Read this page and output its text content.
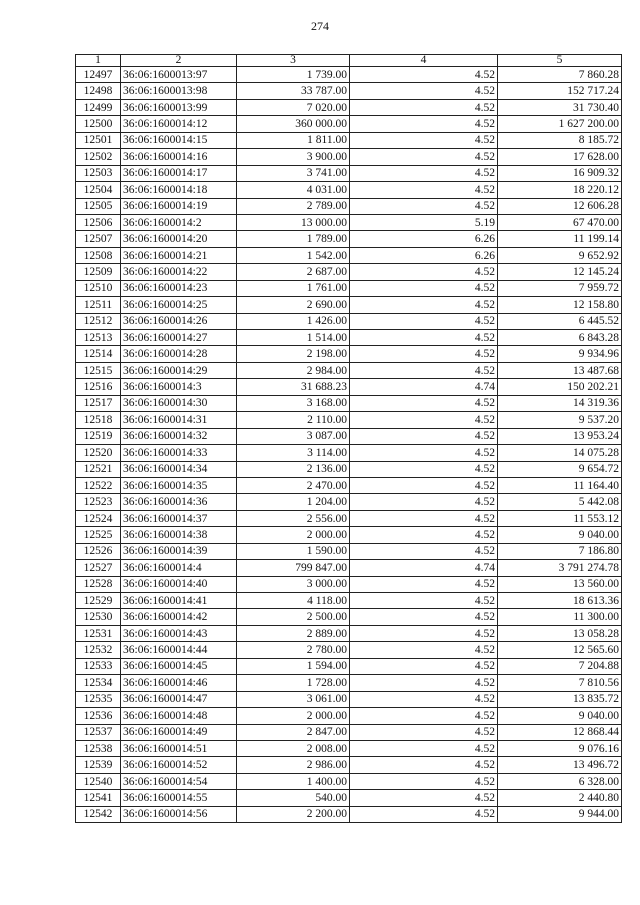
274
1	2	3	4	5
12497	36:06:1600013:97	1 739.00	4.52	7 860.28
12498	36:06:1600013:98	33 787.00	4.52	152 717.24
12499	36:06:1600013:99	7 020.00	4.52	31 730.40
12500	36:06:1600014:12	360 000.00	4.52	1 627 200.00
12501	36:06:1600014:15	1 811.00	4.52	8 185.72
12502	36:06:1600014:16	3 900.00	4.52	17 628.00
12503	36:06:1600014:17	3 741.00	4.52	16 909.32
12504	36:06:1600014:18	4 031.00	4.52	18 220.12
12505	36:06:1600014:19	2 789.00	4.52	12 606.28
12506	36:06:1600014:2	13 000.00	5.19	67 470.00
12507	36:06:1600014:20	1 789.00	6.26	11 199.14
12508	36:06:1600014:21	1 542.00	6.26	9 652.92
12509	36:06:1600014:22	2 687.00	4.52	12 145.24
12510	36:06:1600014:23	1 761.00	4.52	7 959.72
12511	36:06:1600014:25	2 690.00	4.52	12 158.80
12512	36:06:1600014:26	1 426.00	4.52	6 445.52
12513	36:06:1600014:27	1 514.00	4.52	6 843.28
12514	36:06:1600014:28	2 198.00	4.52	9 934.96
12515	36:06:1600014:29	2 984.00	4.52	13 487.68
12516	36:06:1600014:3	31 688.23	4.74	150 202.21
12517	36:06:1600014:30	3 168.00	4.52	14 319.36
12518	36:06:1600014:31	2 110.00	4.52	9 537.20
12519	36:06:1600014:32	3 087.00	4.52	13 953.24
12520	36:06:1600014:33	3 114.00	4.52	14 075.28
12521	36:06:1600014:34	2 136.00	4.52	9 654.72
12522	36:06:1600014:35	2 470.00	4.52	11 164.40
12523	36:06:1600014:36	1 204.00	4.52	5 442.08
12524	36:06:1600014:37	2 556.00	4.52	11 553.12
12525	36:06:1600014:38	2 000.00	4.52	9 040.00
12526	36:06:1600014:39	1 590.00	4.52	7 186.80
12527	36:06:1600014:4	799 847.00	4.74	3 791 274.78
12528	36:06:1600014:40	3 000.00	4.52	13 560.00
12529	36:06:1600014:41	4 118.00	4.52	18 613.36
12530	36:06:1600014:42	2 500.00	4.52	11 300.00
12531	36:06:1600014:43	2 889.00	4.52	13 058.28
12532	36:06:1600014:44	2 780.00	4.52	12 565.60
12533	36:06:1600014:45	1 594.00	4.52	7 204.88
12534	36:06:1600014:46	1 728.00	4.52	7 810.56
12535	36:06:1600014:47	3 061.00	4.52	13 835.72
12536	36:06:1600014:48	2 000.00	4.52	9 040.00
12537	36:06:1600014:49	2 847.00	4.52	12 868.44
12538	36:06:1600014:51	2 008.00	4.52	9 076.16
12539	36:06:1600014:52	2 986.00	4.52	13 496.72
12540	36:06:1600014:54	1 400.00	4.52	6 328.00
12541	36:06:1600014:55	540.00	4.52	2 440.80
12542	36:06:1600014:56	2 200.00	4.52	9 944.00
